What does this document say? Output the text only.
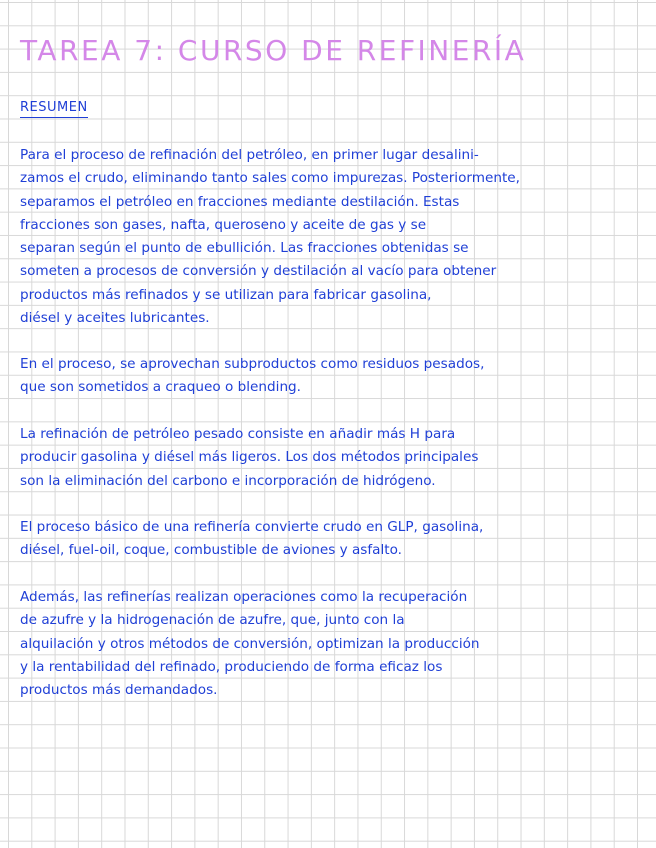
TAREA 7: CURSO DE REFINERÍA
RESUMEN
Para el proceso de refinación del petróleo, en primer lugar desalini-
zamos el crudo, eliminando tanto sales como impurezas. Posteriormente,
separamos el petróleo en fracciones mediante destilación. Estas
fracciones son gases, nafta, queroseno y aceite de gas y se
separan según el punto de ebullición. Las fracciones obtenidas se
someten a procesos de conversión y destilación al vacío para obtener
productos más refinados y se utilizan para fabricar gasolina,
diésel y aceites lubricantes.
En el proceso, se aprovechan subproductos como residuos pesados,
que son sometidos a craqueo o blending.
La refinación de petróleo pesado consiste en añadir más H para
producir gasolina y diésel más ligeros. Los dos métodos principales
son la eliminación del carbono e incorporación de hidrógeno.
El proceso básico de una refinería convierte crudo en GLP, gasolina,
diésel, fuel-oil, coque, combustible de aviones y asfalto.
Además, las refinerías realizan operaciones como la recuperación
de azufre y la hidrogenación de azufre, que, junto con la
alquilación y otros métodos de conversión, optimizan la producción
y la rentabilidad del refinado, produciendo de forma eficaz los
productos más demandados.
